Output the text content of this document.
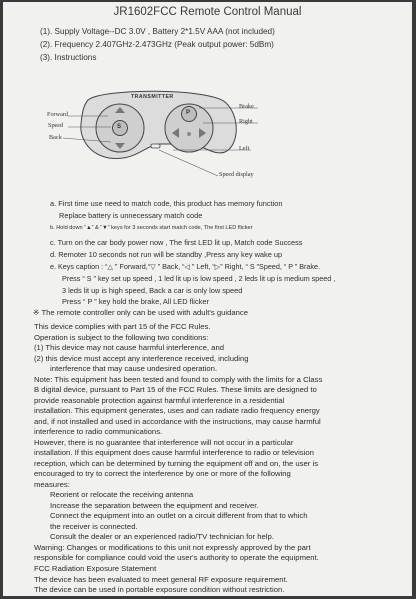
JR1602FCC Remote Control Manual
(1). Supply Voltage--DC 3.0V , Battery 2*1.5V AAA (not included)
(2). Frequency 2.407GHz-2.473GHz (Peak output power: 5dBm)
(3). Instructions
Forward
Speed
Back
Brake
Right
Left
Speed display
TRANSMITTER
S
P
a. First time use need to match code, this product has memory function
Replace battery is unnecessary match code
b. Hold down “▲” & “▼” keys for 3 seconds start match code, The first LED flicker
c. Turn on the car body power now , The first LED lit up, Match code Success
d. Remoter 10 seconds not run will be standby ,Press any key wake up
e. Keys caption : “△ ” Forward,“▽ ” Back, “◁ ” Left, “▷” Right, “ S ”Speed, “ P ” Brake.
Press “ S ” key set up speed , 1 led lit up is low speed , 2 leds lit up is medium speed ,
3 leds lit up is high speed, Back a car is only low speed
Press “ P ” key hold the brake, All LED flicker
※ The remote controller only can be used with adult's guidance
This device complies with part 15 of the FCC Rules.
Operation is subject to the following two conditions:
(1) This device may not cause harmful interference, and
(2) this device must accept any interference received, including
interference that may cause undesired operation.
Note: This equipment has been tested and found to comply with the limits for a Class
B digital device, pursuant to Part 15 of the FCC Rules. These limits are designed to
provide reasonable protection against harmful interference in a residential
installation. This equipment generates, uses and can radiate radio frequency energy
and, if not installed and used in accordance with the instructions, may cause harmful
interference to radio communications.
However, there is no guarantee that interference will not occur in a particular
installation. If this equipment does cause harmful interference to radio or television
reception, which can be determined by turning the equipment off and on, the user is
encouraged to try to correct the interference by one or more of the following
measures:
Reorient or relocate the receiving antenna
Increase the separation between the equipment and receiver.
Connect the equipment into an outlet on a circuit different from that to which
the receiver is connected.
Consult the dealer or an experienced radio/TV technician for help.
Warning: Changes or modifications to this unit not expressly approved by the part
responsible for compliance could void the user's authority to operate the equipment.
FCC Radiation Exposure Statement
The device has been evaluated to meet general RF exposure requirement.
The device can be used in portable exposure condition without restriction.
